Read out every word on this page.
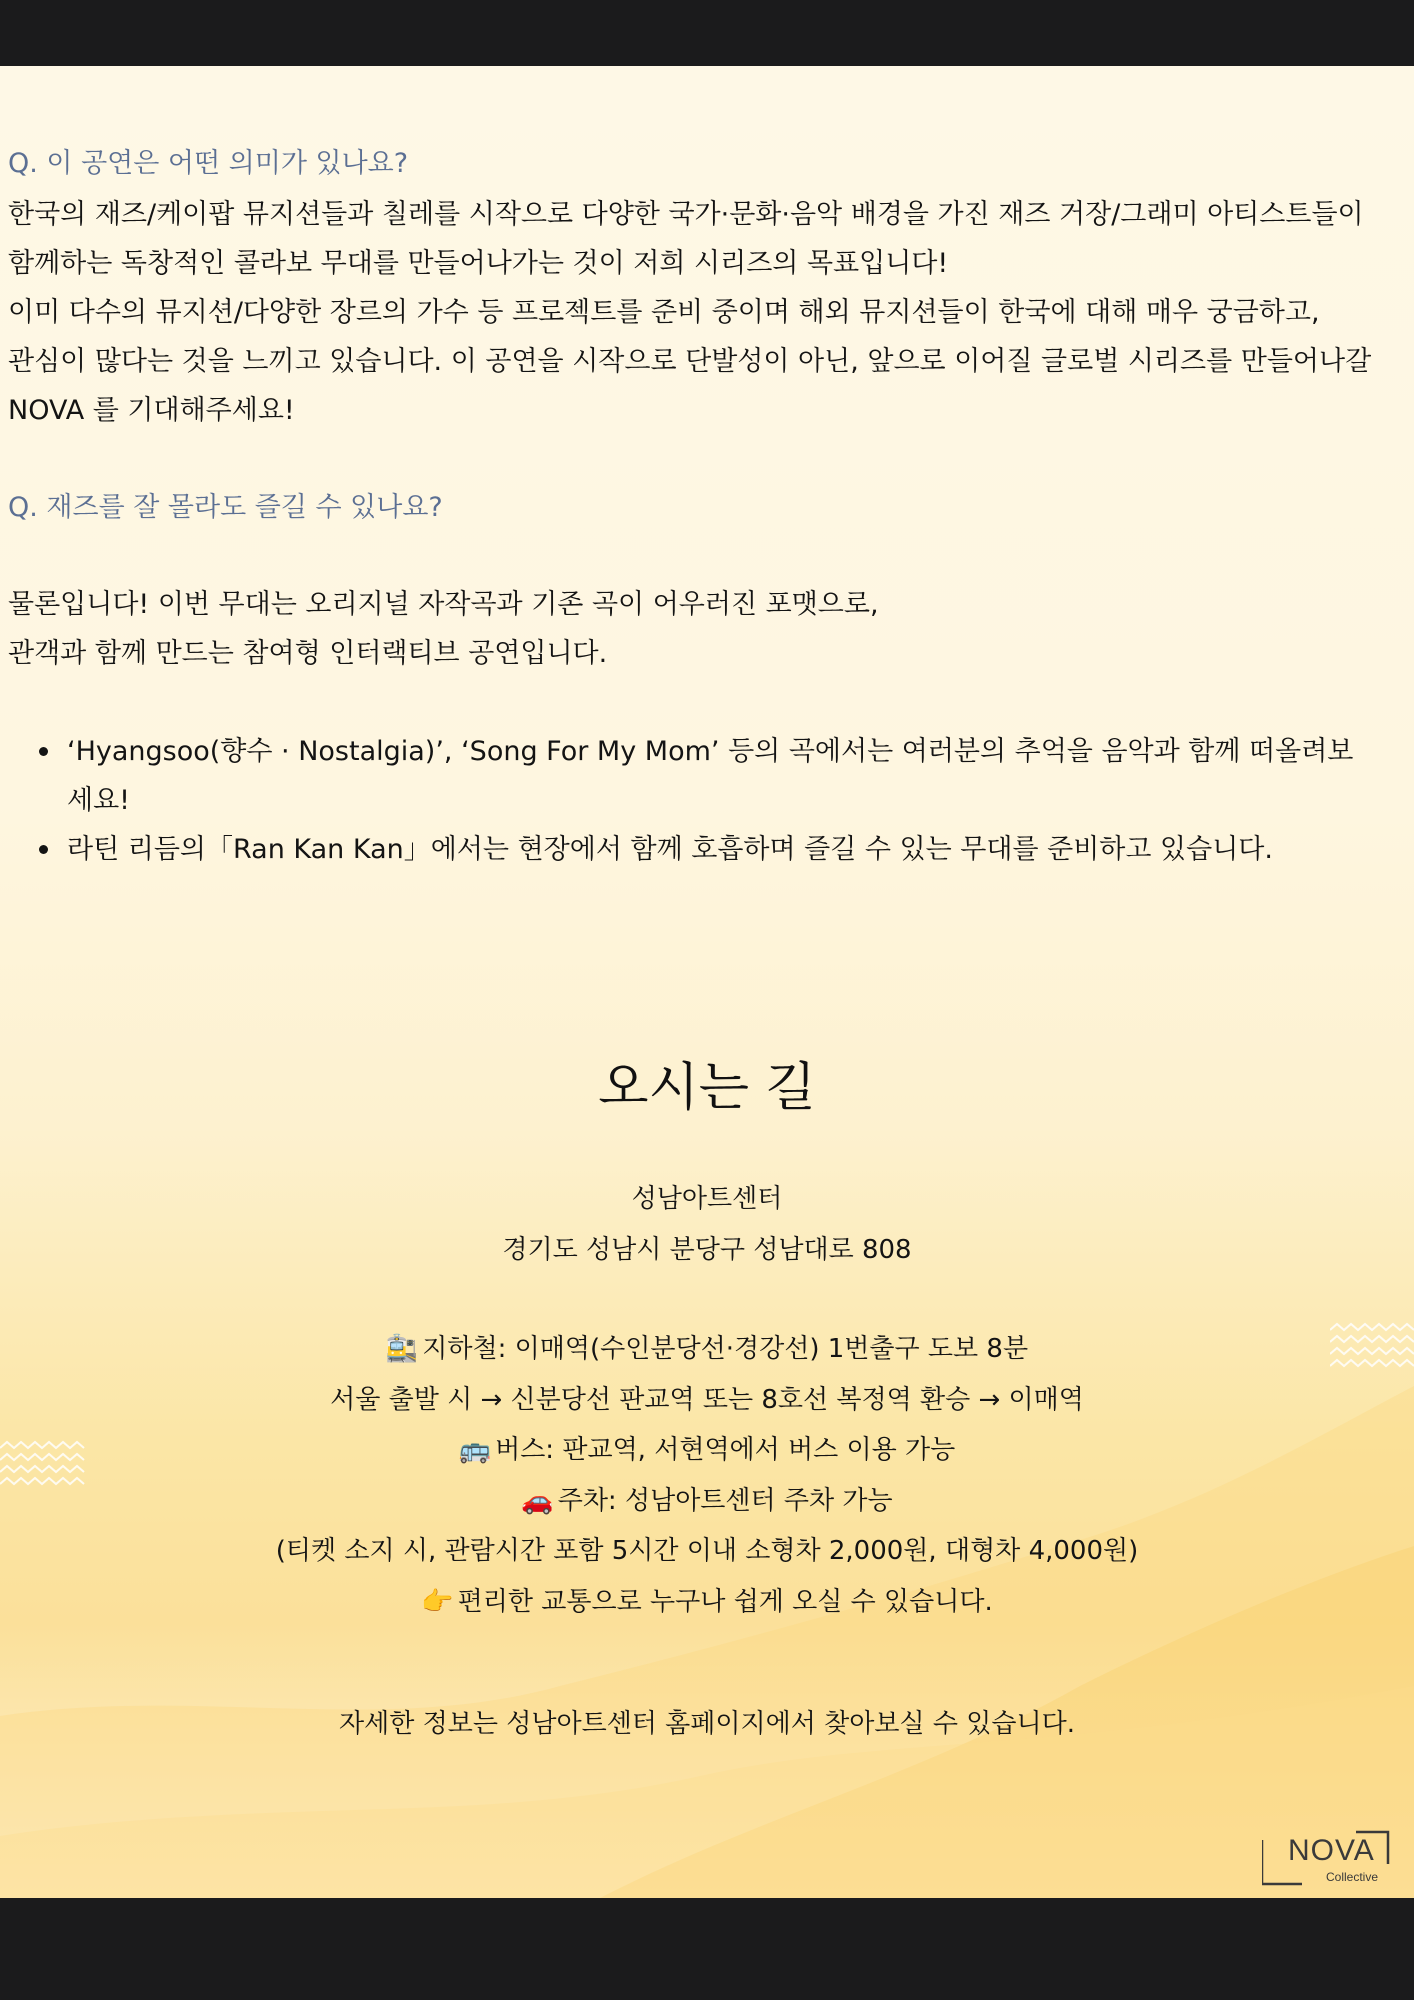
Q. 이 공연은 어떤 의미가 있나요?
한국의 재즈/케이팝 뮤지션들과 칠레를 시작으로 다양한 국가·문화·음악 배경을 가진 재즈 거장/그래미 아티스트들이
함께하는 독창적인 콜라보 무대를 만들어나가는 것이 저희 시리즈의 목표입니다!
이미 다수의 뮤지션/다양한 장르의 가수 등 프로젝트를 준비 중이며 해외 뮤지션들이 한국에 대해 매우 궁금하고,
관심이 많다는 것을 느끼고 있습니다. 이 공연을 시작으로 단발성이 아닌, 앞으로 이어질 글로벌 시리즈를 만들어나갈
NOVA 를 기대해주세요!
Q. 재즈를 잘 몰라도 즐길 수 있나요?
물론입니다! 이번 무대는 오리지널 자작곡과 기존 곡이 어우러진 포맷으로,
관객과 함께 만드는 참여형 인터랙티브 공연입니다.
‘Hyangsoo(향수 · Nostalgia)’, ‘Song For My Mom’ 등의 곡에서는 여러분의 추억을 음악과 함께 떠올려보
세요!
라틴 리듬의「Ran Kan Kan」에서는 현장에서 함께 호흡하며 즐길 수 있는 무대를 준비하고 있습니다.
오시는 길
성남아트센터
경기도 성남시 분당구 성남대로 808
🚉 지하철: 이매역(수인분당선·경강선) 1번출구 도보 8분
서울 출발 시 → 신분당선 판교역 또는 8호선 복정역 환승 → 이매역
🚌 버스: 판교역, 서현역에서 버스 이용 가능
🚗 주차: 성남아트센터 주차 가능
(티켓 소지 시, 관람시간 포함 5시간 이내 소형차 2,000원, 대형차 4,000원)
👉 편리한 교통으로 누구나 쉽게 오실 수 있습니다.
자세한 정보는 성남아트센터 홈페이지에서 찾아보실 수 있습니다.
NOVA
Collective
